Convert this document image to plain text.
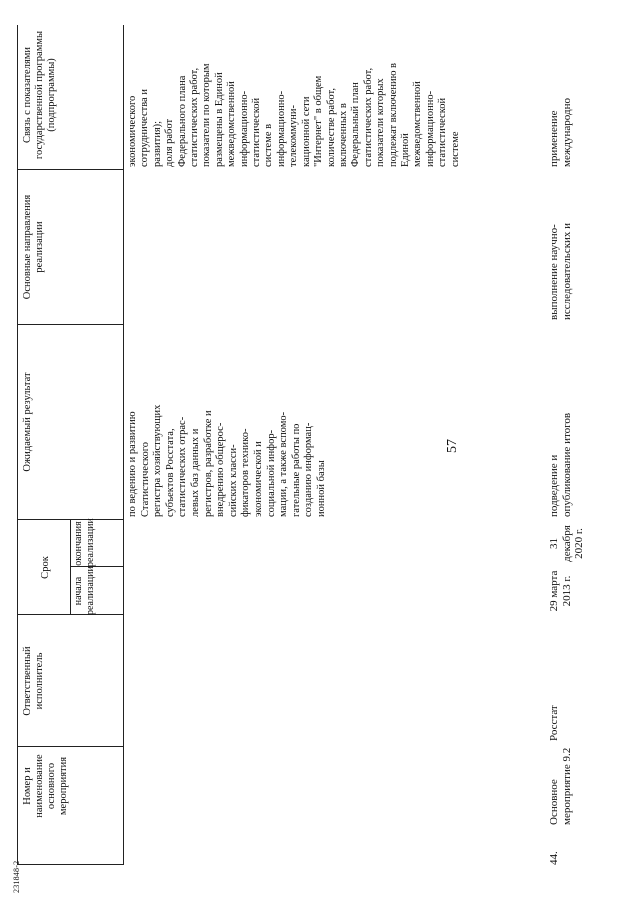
231848-2
57
Номер и наименование основного мероприятия
Ответственный исполнитель
Срок
начала реализации
окончания реализации
Ожидаемый результат
Основные направления реализации
Связь с показателями государственной программы (подпрограммы)
по ведению и развитию Статистического регистра хозяйствующих субъектов Росстата, статистических отрас- левых баз данных и регистров, разработке и внедрению общерос- сийских класси- фикаторов технико- экономической и социальной инфор- мации, а также вспомо- гательные работы по созданию информац- ионной базы
экономического сотрудничества и развития); доля работ Федерального плана статистических работ, показатели по которым размещены в Единой межведомственной информационно- статистической системе в информационно- телекоммуни- кационной сети "Интернет" в общем количестве работ, включенных в Федеральный план статистических работ, показатели которых подлежат включению в Единой межведомственной информационно- статистической системе
44.
Основное мероприятие 9.2
Росстат
29 марта 2013 г.
31 декабря 2020 г.
подведение и опубликование итогов
выполнение научно- исследовательских и
применение международно
